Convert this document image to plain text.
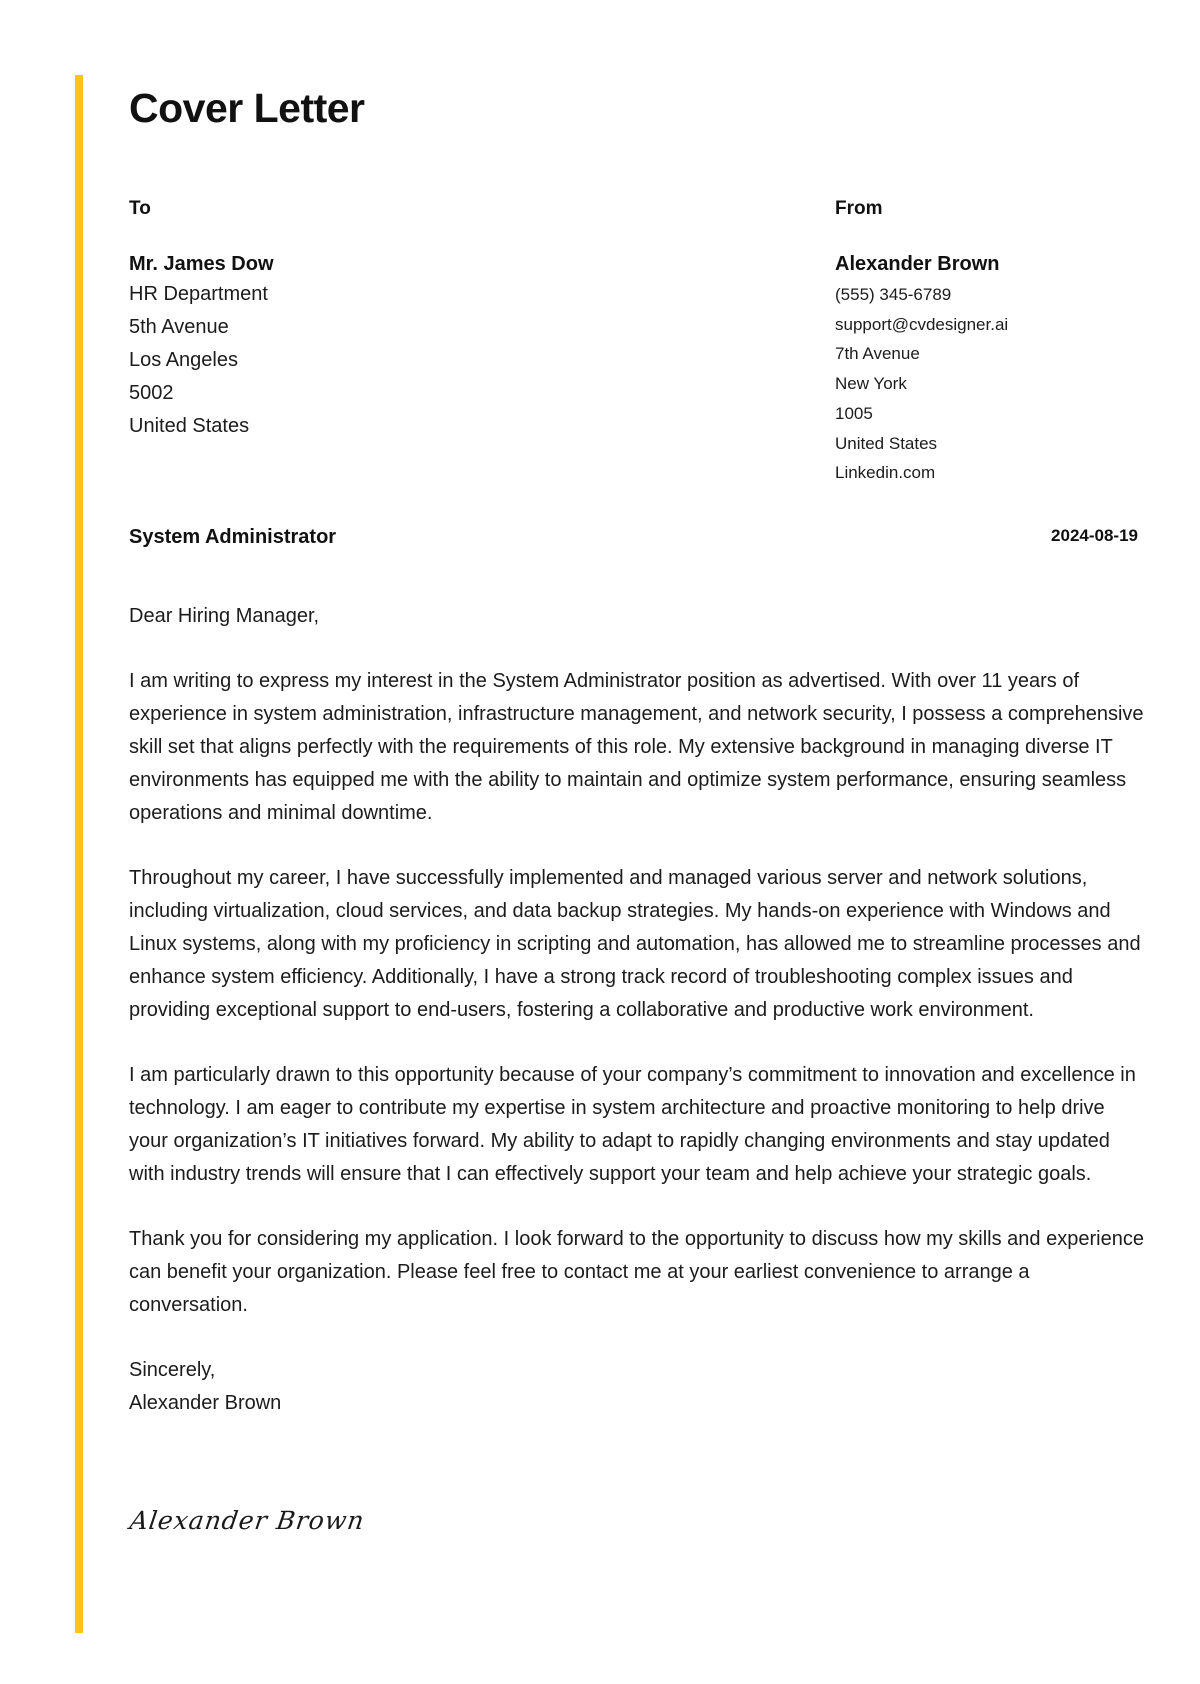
Cover Letter
To
Mr. James Dow
HR Department
5th Avenue
Los Angeles
5002
United States
From
Alexander Brown
(555) 345-6789
support@cvdesigner.ai
7th Avenue
New York
1005
United States
Linkedin.com
System Administrator	2024-08-19

Dear Hiring Manager,

I am writing to express my interest in the System Administrator position as advertised. With over 11 years of experience in system administration, infrastructure management, and network security, I possess a comprehensive skill set that aligns perfectly with the requirements of this role. My extensive background in managing diverse IT environments has equipped me with the ability to maintain and optimize system performance, ensuring seamless operations and minimal downtime.

Throughout my career, I have successfully implemented and managed various server and network solutions, including virtualization, cloud services, and data backup strategies. My hands-on experience with Windows and Linux systems, along with my proficiency in scripting and automation, has allowed me to streamline processes and enhance system efficiency. Additionally, I have a strong track record of troubleshooting complex issues and providing exceptional support to end-users, fostering a collaborative and productive work environment.

I am particularly drawn to this opportunity because of your company’s commitment to innovation and excellence in technology. I am eager to contribute my expertise in system architecture and proactive monitoring to help drive your organization’s IT initiatives forward. My ability to adapt to rapidly changing environments and stay updated with industry trends will ensure that I can effectively support your team and help achieve your strategic goals.

Thank you for considering my application. I look forward to the opportunity to discuss how my skills and experience can benefit your organization. Please feel free to contact me at your earliest convenience to arrange a conversation.

Sincerely,
Alexander Brown
Alexander Brown
